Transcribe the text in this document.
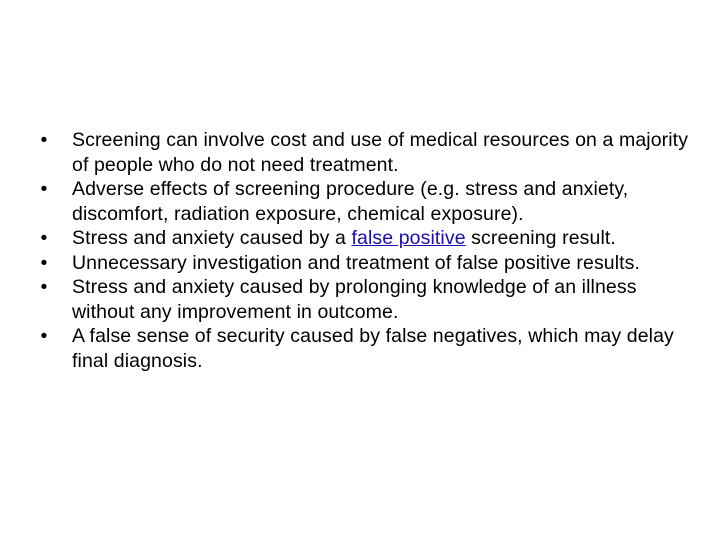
• Screening can involve cost and use of medical resources on a majority of people who do not need treatment.
• Adverse effects of screening procedure (e.g. stress and anxiety, discomfort, radiation exposure, chemical exposure).
• Stress and anxiety caused by a false positive screening result.
• Unnecessary investigation and treatment of false positive results.
• Stress and anxiety caused by prolonging knowledge of an illness without any improvement in outcome.
• A false sense of security caused by false negatives, which may delay final diagnosis.
